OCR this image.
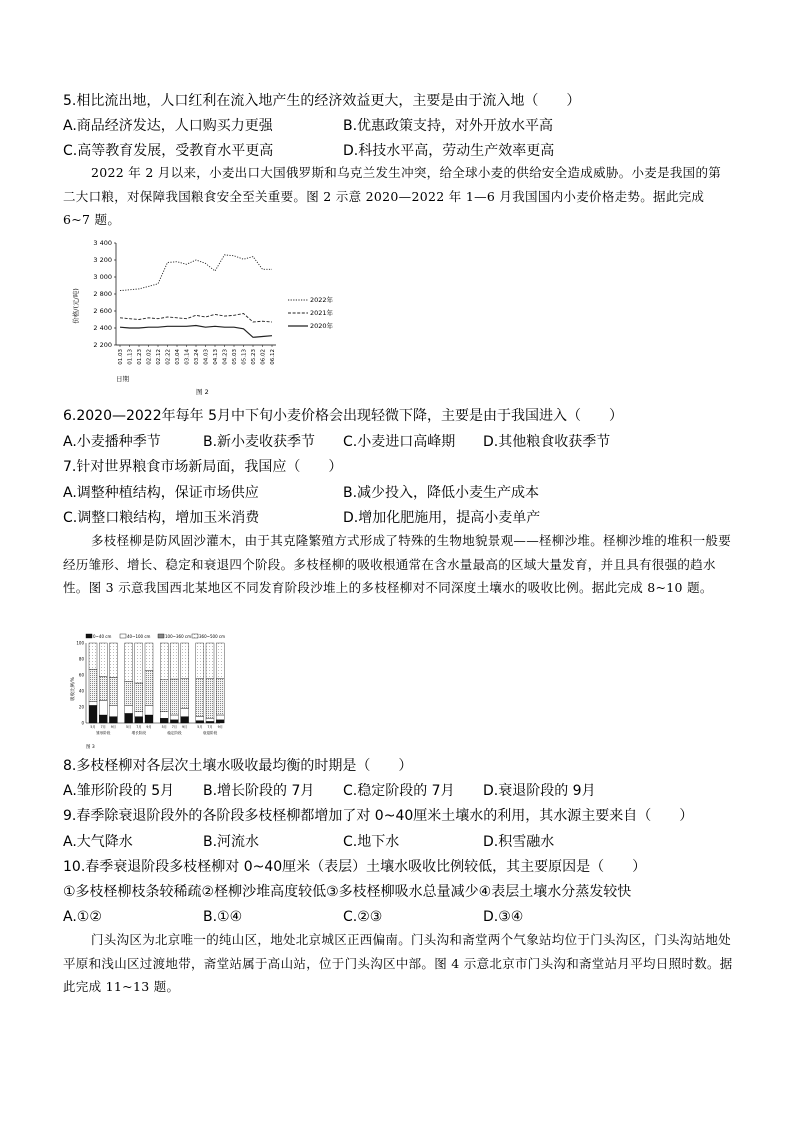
5.相比流出地，人口红利在流入地产生的经济效益更大，主要是由于流入地（　　）
A.商品经济发达，人口购买力更强	B.优惠政策支持，对外开放水平高
C.高等教育发展，受教育水平更高	D.科技水平高，劳动生产效率更高
2022 年 2 月以来，小麦出口大国俄罗斯和乌克兰发生冲突，给全球小麦的供给安全造成威胁。小麦是我国的第二大口粮，对保障我国粮食安全至关重要。图 2 示意 2020—2022 年 1—6 月我国国内小麦价格走势。据此完成 6~7 题。
3 400
3 200
3 000
2 800
2 600
2 400
2 200
01.03 01.13 01.23 02.02 02.12 02.22 03.04 03.14 03.24 04.03 04.13 04.23 05.03 05.13 05.23 06.02 06.12
2022年
2021年
2020年
价格/(元/吨)
日期
图 2
6.2020—2022年每年 5月中下旬小麦价格会出现轻微下降，主要是由于我国进入（　　）
A.小麦播种季节	B.新小麦收获季节 C.小麦进口高峰期 D.其他粮食收获季节
7.针对世界粮食市场新局面，我国应（　　）
A.调整种植结构，保证市场供应	B.减少投入，降低小麦生产成本
C.调整口粮结构，增加玉米消费	D.增加化肥施用，提高小麦单产
多枝柽柳是防风固沙灌木，由于其克隆繁殖方式形成了特殊的生物地貌景观——柽柳沙堆。柽柳沙堆的堆积一般要经历雏形、增长、稳定和衰退四个阶段。多枝柽柳的吸收根通常在含水量最高的区域大量发育，并且具有很强的趋水性。图 3 示意我国西北某地区不同发育阶段沙堆上的多枝柽柳对不同深度土壤水的吸收比例。据此完成 8~10 题。
0~40 cm	40~100 cm	100~360 cm 360~500 cm
吸收比例/%
100
80
60
40
20
0
5月 7月
雏形阶段
9月	5月 7月
增长阶段
9月	5月 7月
稳定阶段
9月	5月 7月
衰退阶段
9月
图 3
8.多枝柽柳对各层次土壤水吸收最均衡的时期是（　　）
A.雏形阶段的 5月 B.增长阶段的 7月 C.稳定阶段的 7月 D.衰退阶段的 9月
9.春季除衰退阶段外的各阶段多枝柽柳都增加了对 0~40厘米土壤水的利用，其水源主要来自（　　）
A.大气降水	B.河流水	C.地下水	D.积雪融水
10.春季衰退阶段多枝柽柳对 0~40厘米（表层）土壤水吸收比例较低，其主要原因是（　　）
①多枝柽柳枝条较稀疏②柽柳沙堆高度较低③多枝柽柳吸水总量减少④表层土壤水分蒸发较快
A.①②	B.①④	C.②③	D.③④
门头沟区为北京唯一的纯山区，地处北京城区正西偏南。门头沟和斋堂两个气象站均位于门头沟区，门头沟站地处平原和浅山区过渡地带，斋堂站属于高山站，位于门头沟区中部。图 4 示意北京市门头沟和斋堂站月平均日照时数。据此完成 11~13 题。
